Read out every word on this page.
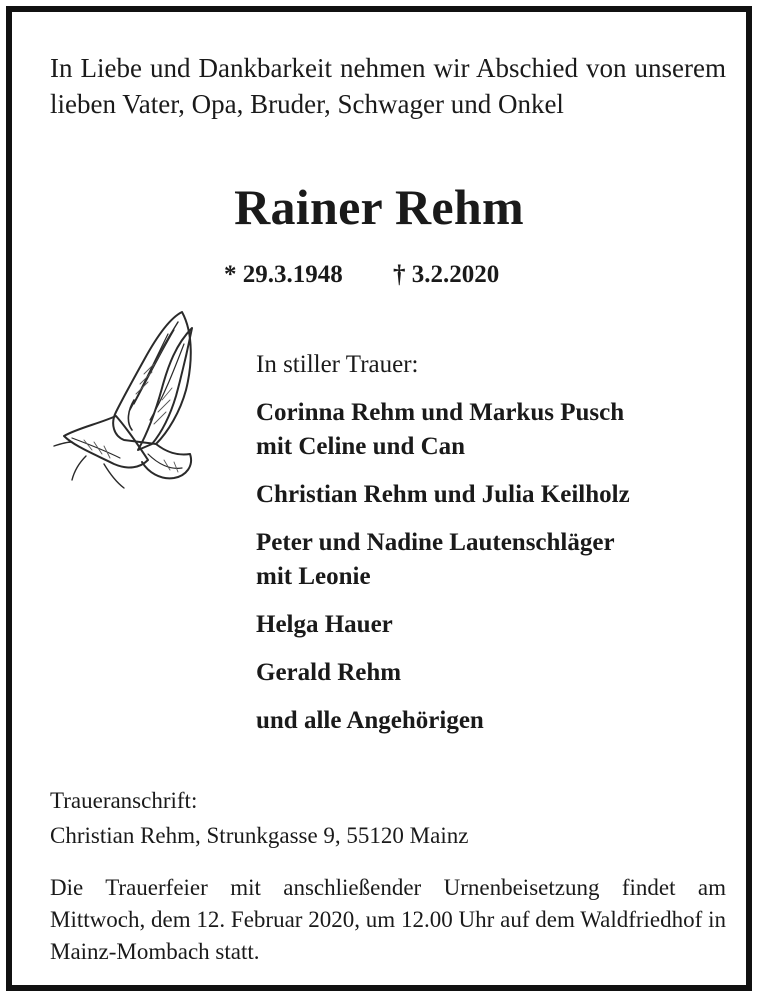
In Liebe und Dankbarkeit nehmen wir Abschied von unserem lieben Vater, Opa, Bruder, Schwager und Onkel
Rainer Rehm
* 29.3.1948 † 3.2.2020
In stiller Trauer:
Corinna Rehm und Markus Pusch
mit Celine und Can
Christian Rehm und Julia Keilholz
Peter und Nadine Lautenschläger
mit Leonie
Helga Hauer
Gerald Rehm
und alle Angehörigen
Traueranschrift:
Christian Rehm, Strunkgasse 9, 55120 Mainz
Die Trauerfeier mit anschließender Urnenbeisetzung findet am Mittwoch, dem 12. Februar 2020, um 12.00 Uhr auf dem Waldfriedhof in Mainz-Mombach statt.
